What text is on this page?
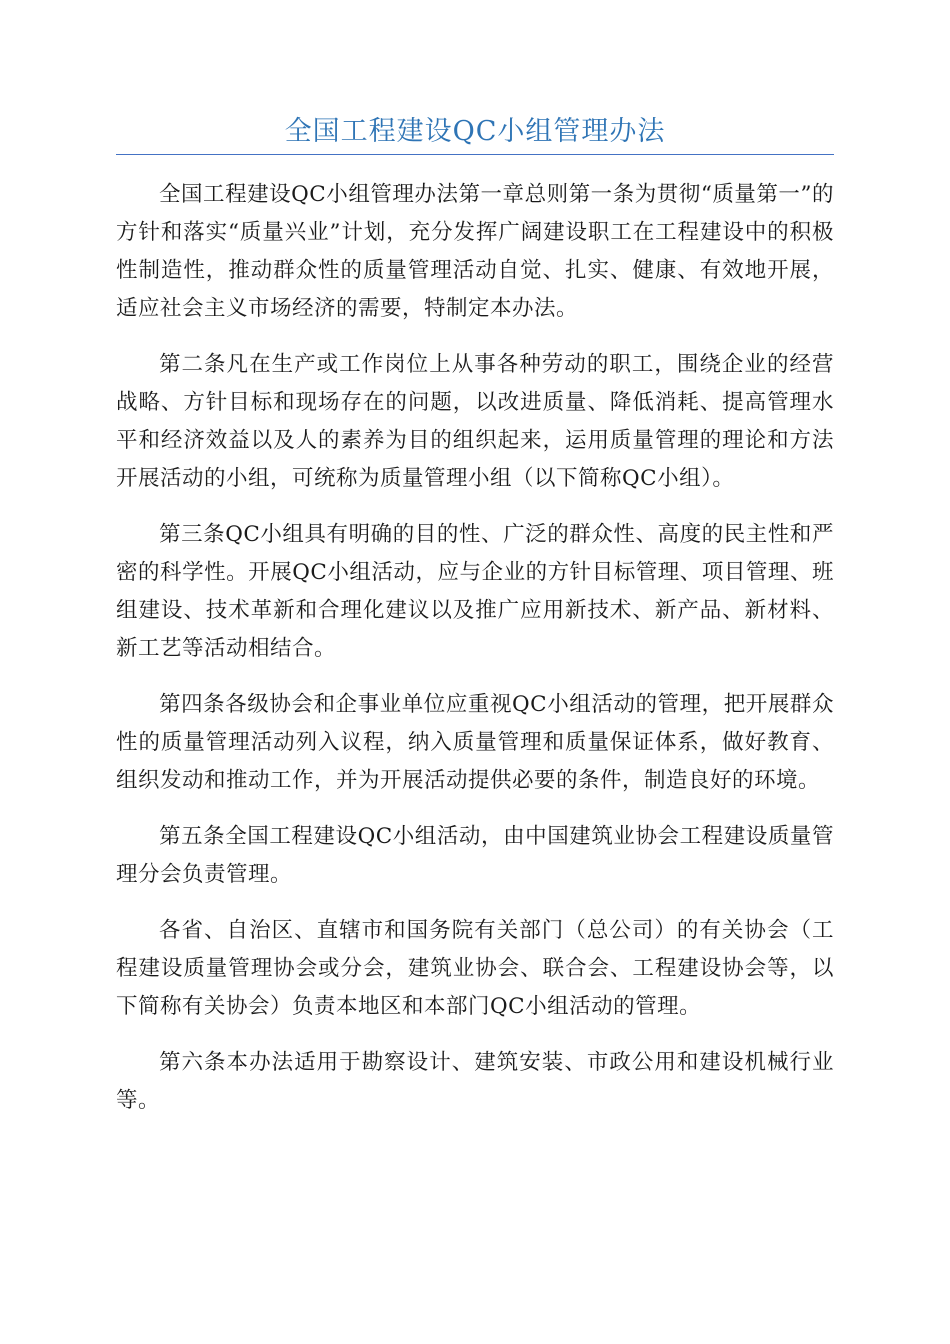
全国工程建设QC小组管理办法

全国工程建设QC小组管理办法第一章总则第一条为贯彻“质量第一”的方针和落实“质量兴业”计划，充分发挥广阔建设职工在工程建设中的积极性制造性，推动群众性的质量管理活动自觉、扎实、健康、有效地开展，适应社会主义市场经济的需要，特制定本办法。

第二条凡在生产或工作岗位上从事各种劳动的职工，围绕企业的经营战略、方针目标和现场存在的问题，以改进质量、降低消耗、提高管理水平和经济效益以及人的素养为目的组织起来，运用质量管理的理论和方法开展活动的小组，可统称为质量管理小组（以下简称QC小组）。

第三条QC小组具有明确的目的性、广泛的群众性、高度的民主性和严密的科学性。开展QC小组活动，应与企业的方针目标管理、项目管理、班组建设、技术革新和合理化建议以及推广应用新技术、新产品、新材料、新工艺等活动相结合。

第四条各级协会和企事业单位应重视QC小组活动的管理，把开展群众性的质量管理活动列入议程，纳入质量管理和质量保证体系，做好教育、组织发动和推动工作，并为开展活动提供必要的条件，制造良好的环境。

第五条全国工程建设QC小组活动，由中国建筑业协会工程建设质量管理分会负责管理。

各省、自治区、直辖市和国务院有关部门（总公司）的有关协会（工程建设质量管理协会或分会，建筑业协会、联合会、工程建设协会等，以下简称有关协会）负责本地区和本部门QC小组活动的管理。

第六条本办法适用于勘察设计、建筑安装、市政公用和建设机械行业等。
